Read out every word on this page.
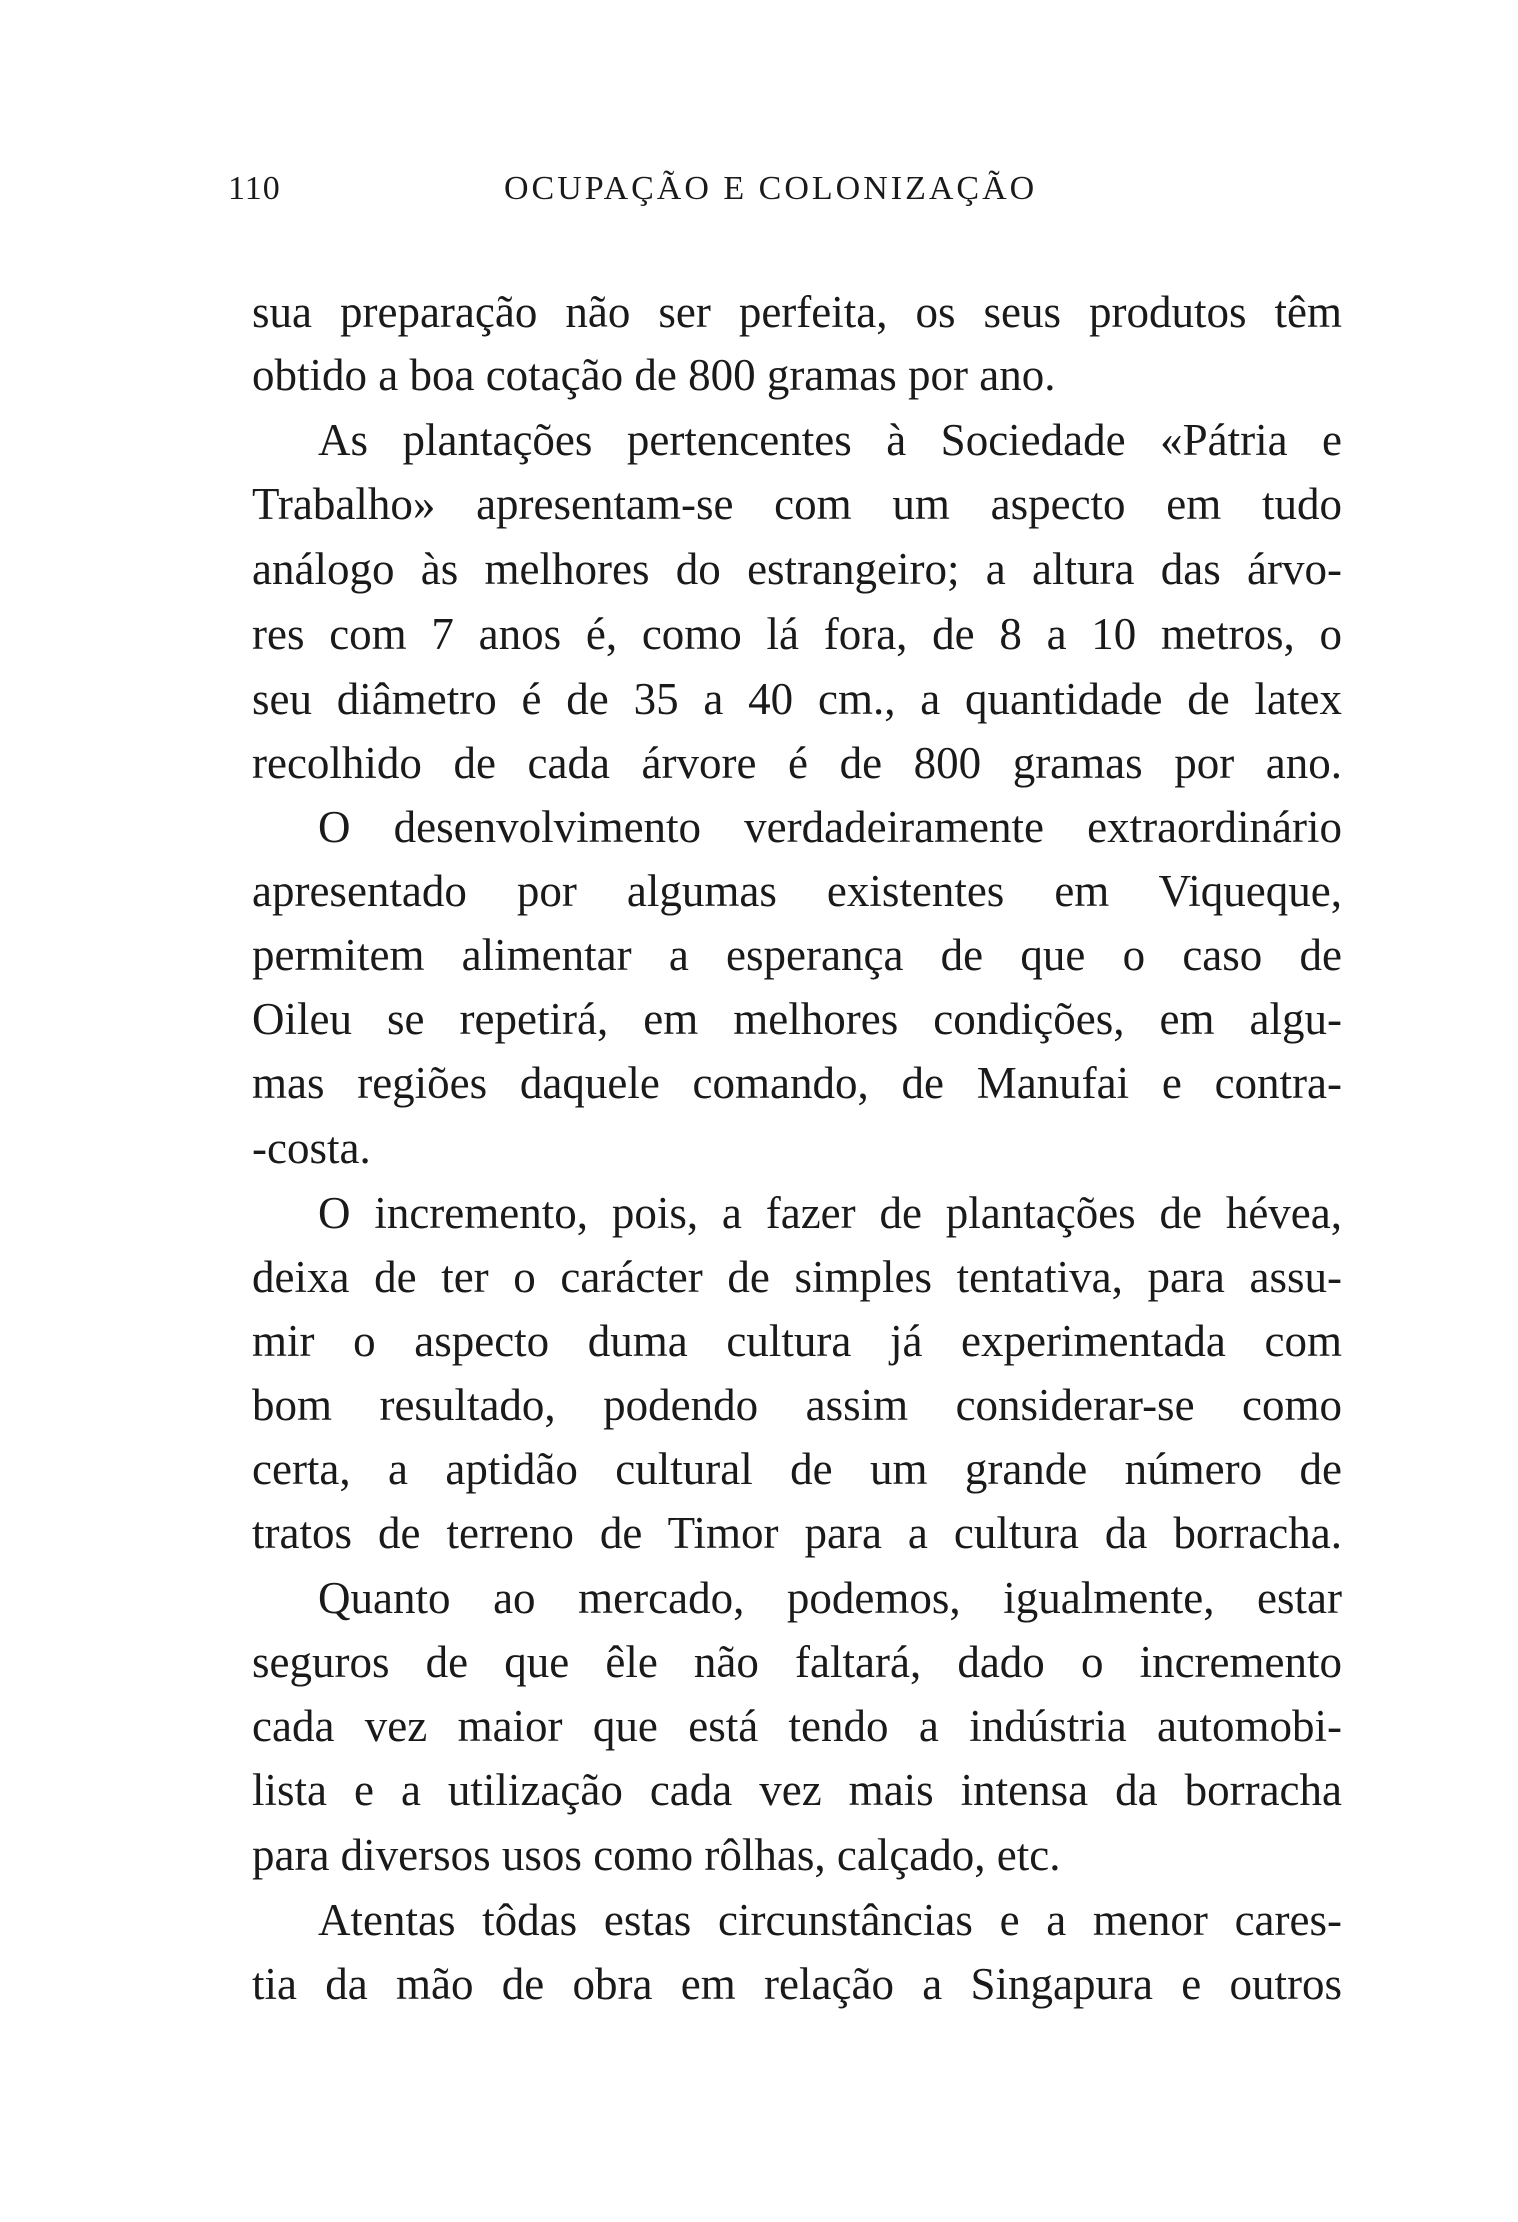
110	OCUPAÇÃO E COLONIZAÇÃO
sua preparação não ser perfeita, os seus produtos têm
obtido a boa cotação de 800 gramas por ano.
As plantações pertencentes à Sociedade «Pátria e
Trabalho» apresentam-se com um aspecto em tudo
análogo às melhores do estrangeiro; a altura das árvo-
res com 7 anos é, como lá fora, de 8 a 10 metros, o
seu diâmetro é de 35 a 40 cm., a quantidade de latex
recolhido de cada árvore é de 800 gramas por ano.
O desenvolvimento verdadeiramente extraordinário
apresentado por algumas existentes em Viqueque,
permitem alimentar a esperança de que o caso de
Oileu se repetirá, em melhores condições, em algu-
mas regiões daquele comando, de Manufai e contra-
-costa.
O incremento, pois, a fazer de plantações de hévea,
deixa de ter o carácter de simples tentativa, para assu-
mir o aspecto duma cultura já experimentada com
bom resultado, podendo assim considerar-se como
certa, a aptidão cultural de um grande número de
tratos de terreno de Timor para a cultura da borracha.
Quanto ao mercado, podemos, igualmente, estar
seguros de que êle não faltará, dado o incremento
cada vez maior que está tendo a indústria automobi-
lista e a utilização cada vez mais intensa da borracha
para diversos usos como rôlhas, calçado, etc.
Atentas tôdas estas circunstâncias e a menor cares-
tia da mão de obra em relação a Singapura e outros
